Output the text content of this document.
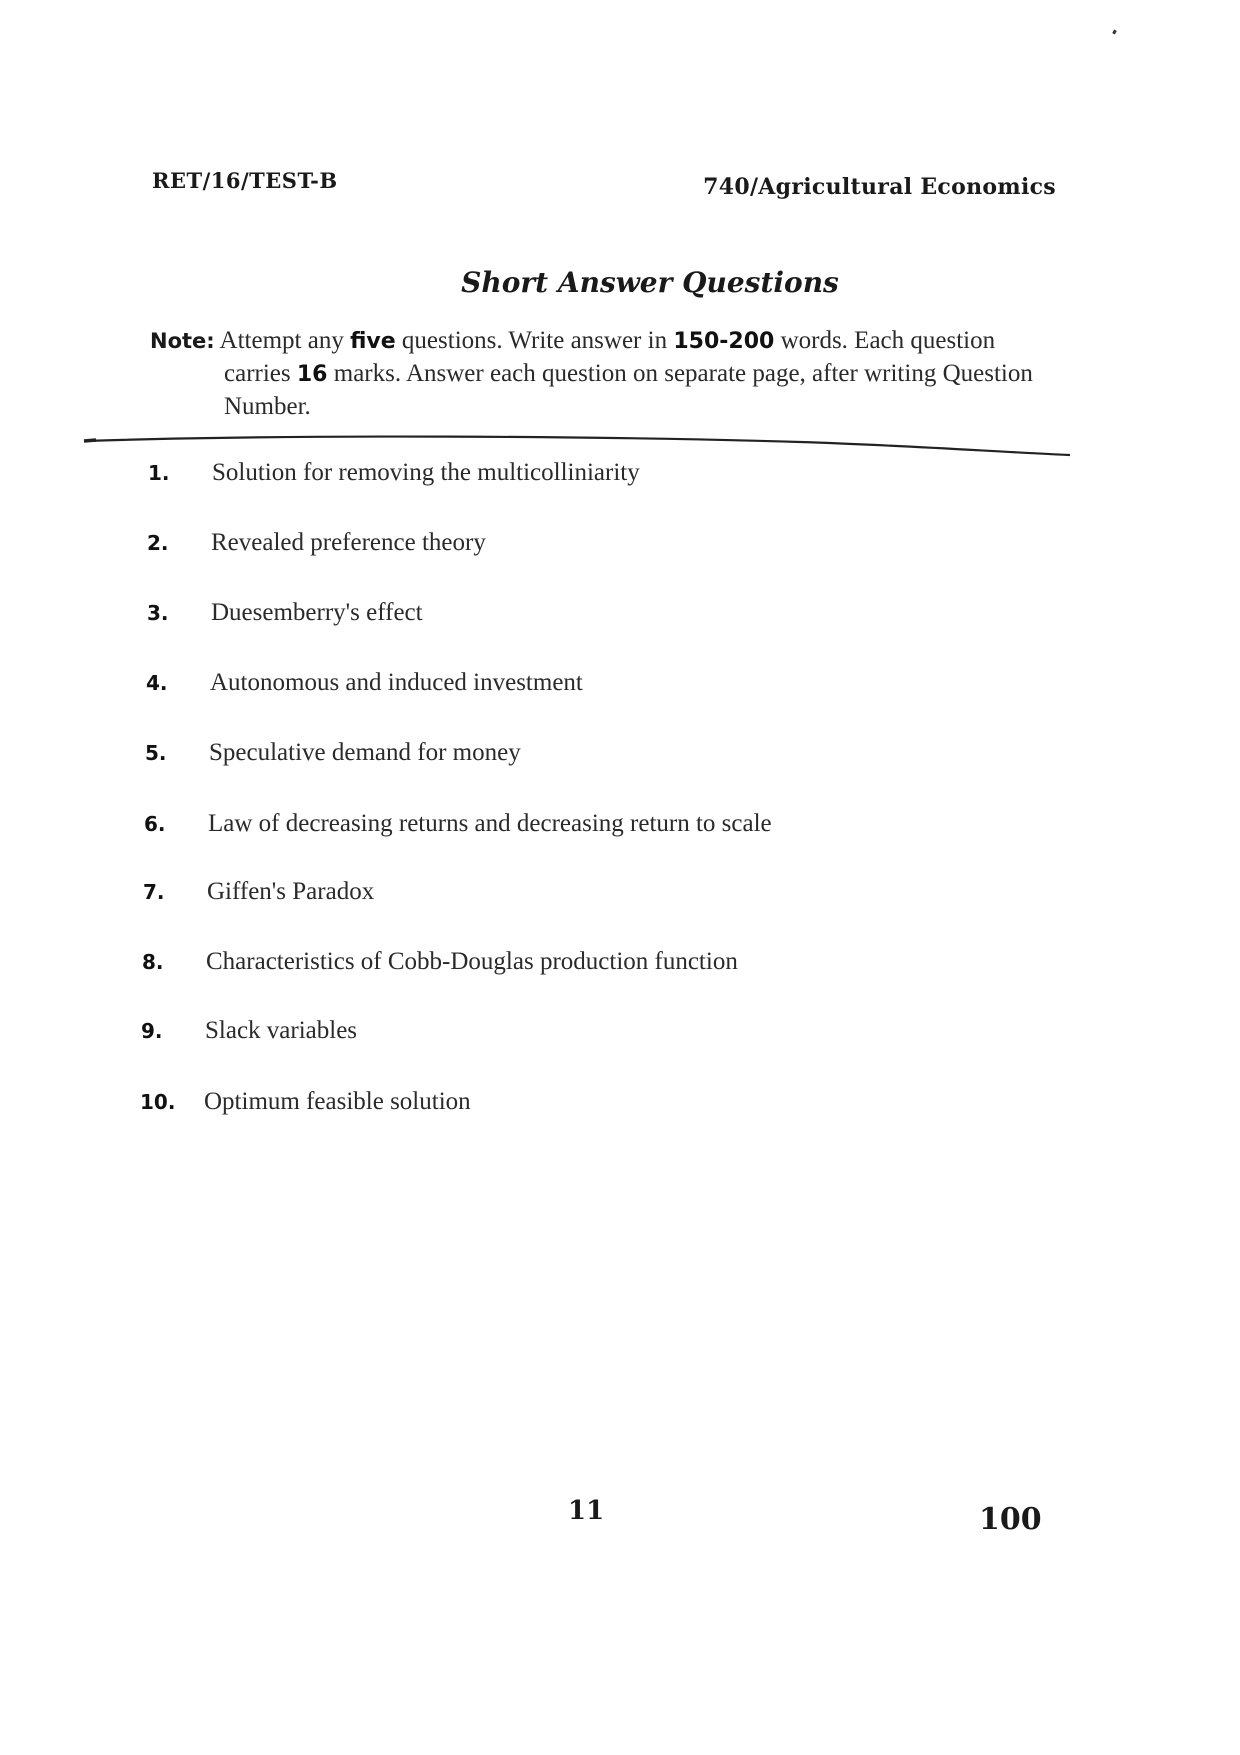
RET/16/TEST-B	740/Agricultural Economics
Short Answer Questions
Note: Attempt any five questions. Write answer in 150-200 words. Each question carries 16 marks. Answer each question on separate page, after writing Question Number.
1. Solution for removing the multicolliniarity
2. Revealed preference theory
3. Duesemberry's effect
4. Autonomous and induced investment
5. Speculative demand for money
6. Law of decreasing returns and decreasing return to scale
7. Giffen's Paradox
8. Characteristics of Cobb-Douglas production function
9. Slack variables
10. Optimum feasible solution
11	100
